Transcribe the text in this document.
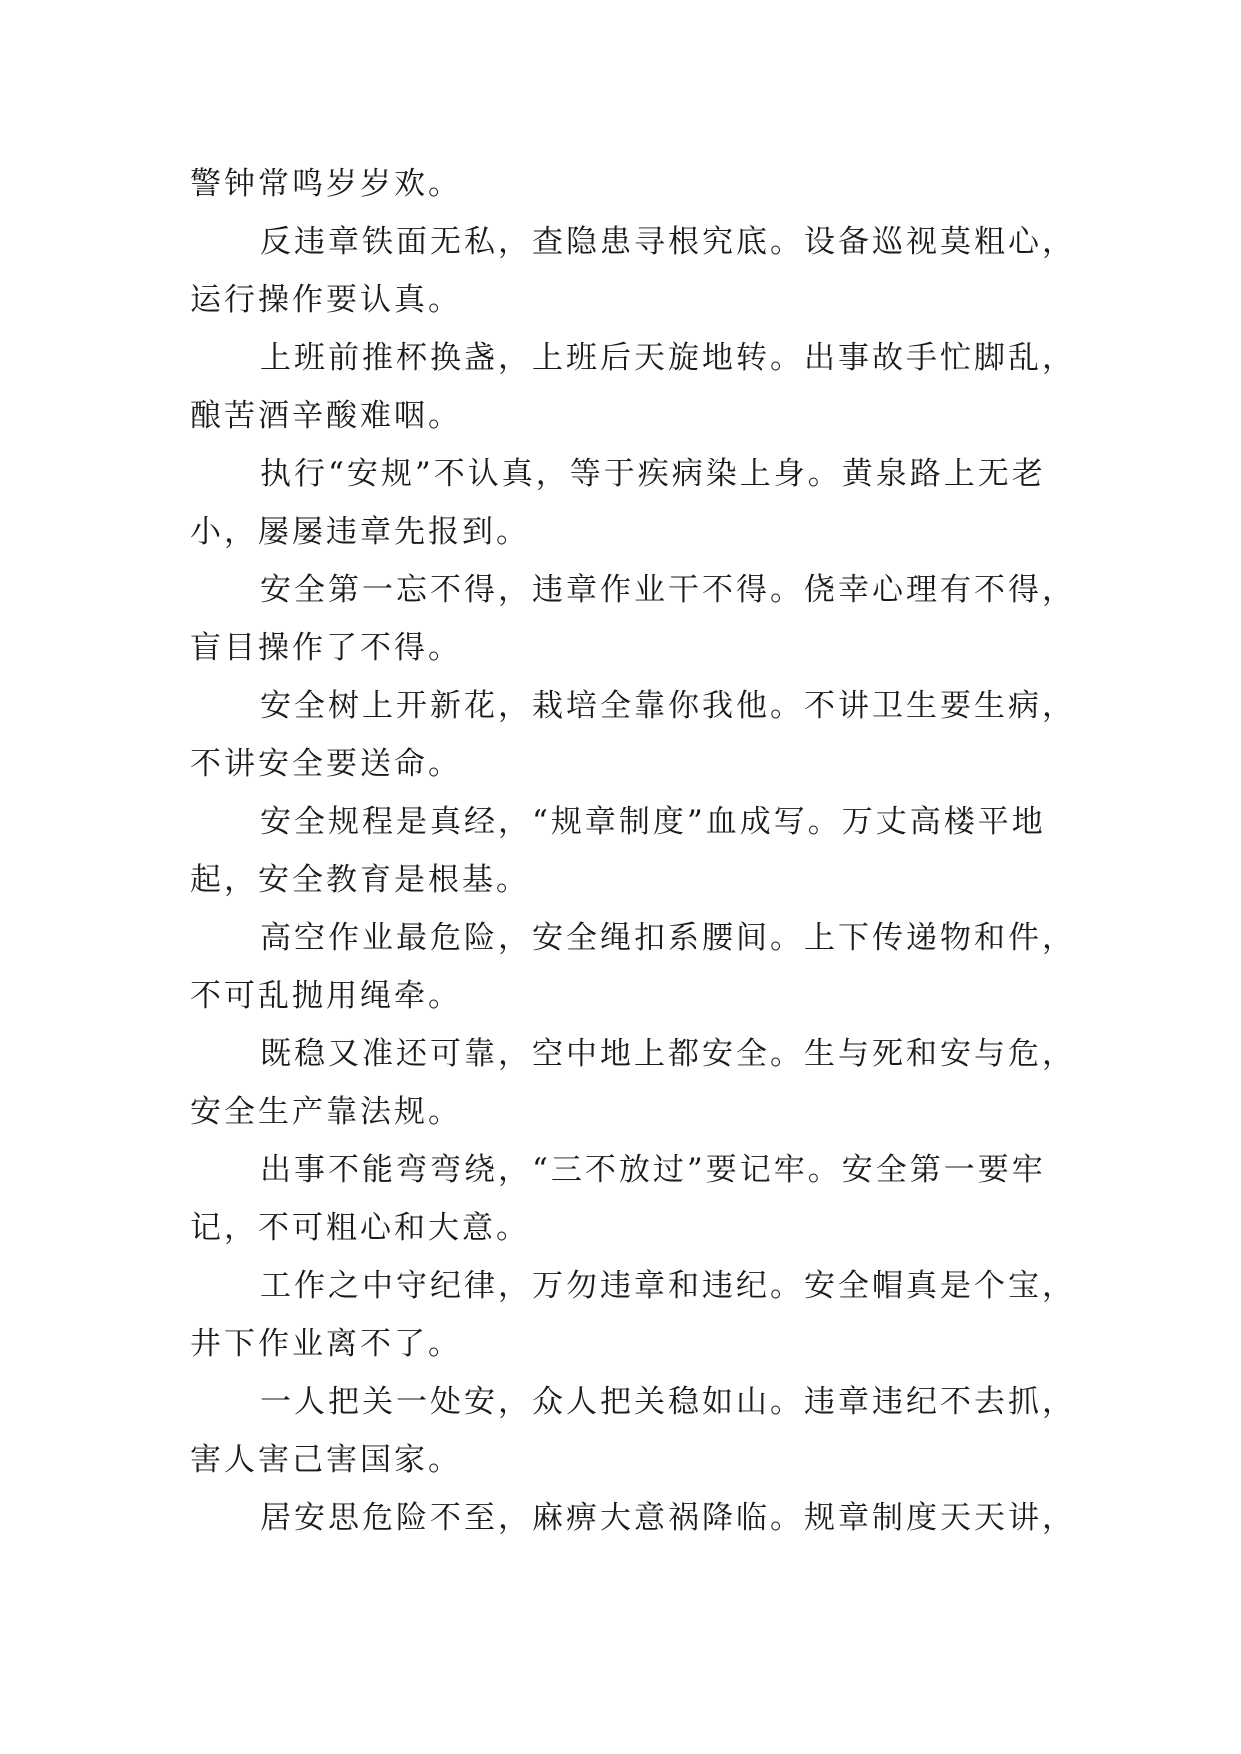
警钟常鸣岁岁欢。
反违章铁面无私，查隐患寻根究底。设备巡视莫粗心，
运行操作要认真。
上班前推杯换盏，上班后天旋地转。出事故手忙脚乱，
酿苦酒辛酸难咽。
执行“安规”不认真，等于疾病染上身。黄泉路上无老
小，屡屡违章先报到。
安全第一忘不得，违章作业干不得。侥幸心理有不得，
盲目操作了不得。
安全树上开新花，栽培全靠你我他。不讲卫生要生病，
不讲安全要送命。
安全规程是真经，“规章制度”血成写。万丈高楼平地
起，安全教育是根基。
高空作业最危险，安全绳扣系腰间。上下传递物和件，
不可乱抛用绳牵。
既稳又准还可靠，空中地上都安全。生与死和安与危，
安全生产靠法规。
出事不能弯弯绕，“三不放过”要记牢。安全第一要牢
记，不可粗心和大意。
工作之中守纪律，万勿违章和违纪。安全帽真是个宝，
井下作业离不了。
一人把关一处安，众人把关稳如山。违章违纪不去抓，
害人害己害国家。
居安思危险不至，麻痹大意祸降临。规章制度天天讲，
